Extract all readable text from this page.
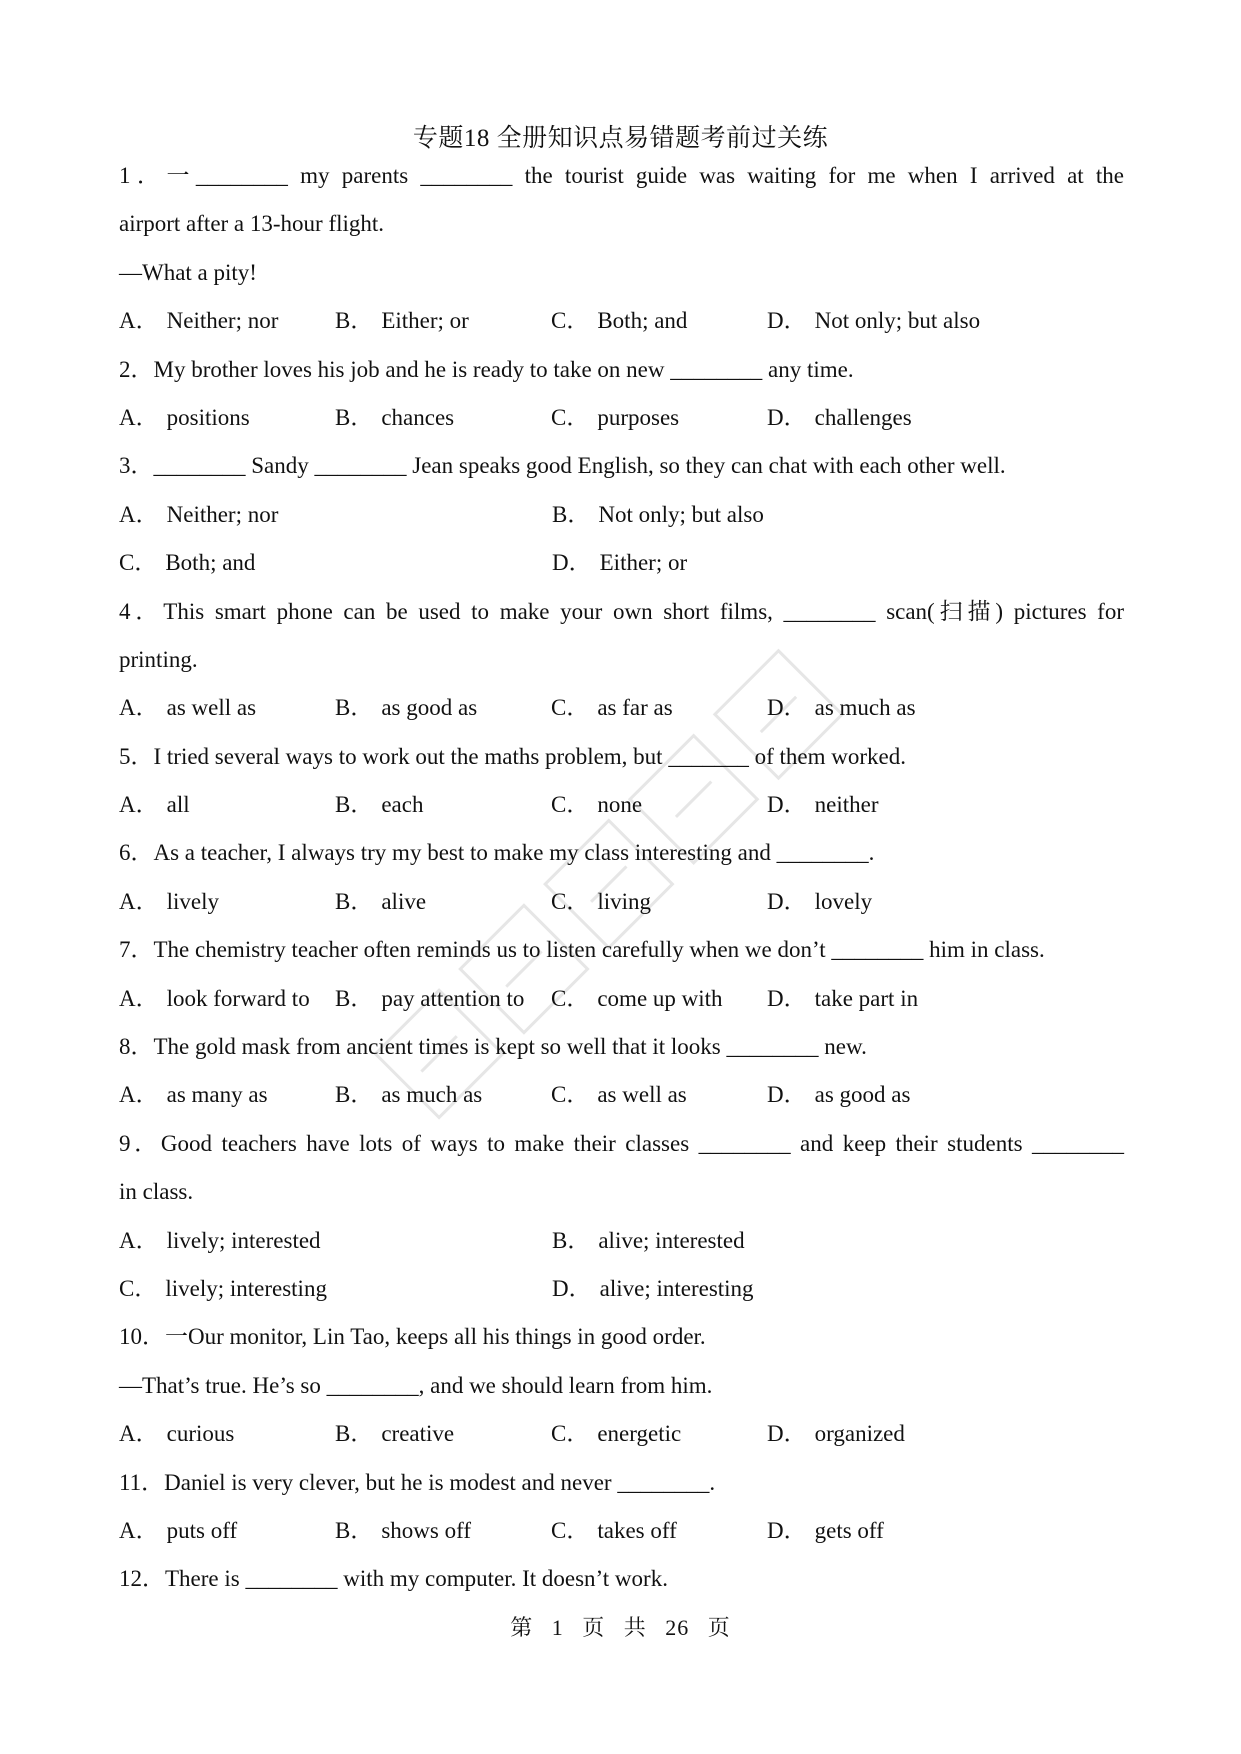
专题18 全册知识点易错题考前过关练
1．一________ my parents ________ the tourist guide was waiting for me when I arrived at the
airport after a 13-hour flight.
—What a pity!
A． Neither; nor B． Either; or	C． Both; and	D． Not only; but also
2．My brother loves his job and he is ready to take on new ________ any time.
A． positions	B． chances	C． purposes	D． challenges
3．________ Sandy ________ Jean speaks good English, so they can chat with each other well.
A． Neither; nor	B． Not only; but also
C． Both; and	D． Either; or
4．This smart phone can be used to make your own short films, ________ scan(扫描) pictures for
printing.
A． as well as	B． as good as	C． as far as	D． as much as
5．I tried several ways to work out the maths problem, but _______ of them worked.
A． all	B． each	C． none	D． neither
6．As a teacher, I always try my best to make my class interesting and ________.
A． lively	B． alive	C． living	D． lovely
7．The chemistry teacher often reminds us to listen carefully when we don’t ________ him in class.
A． look forward to B． pay attention to C． come up with D． take part in
8．The gold mask from ancient times is kept so well that it looks ________ new.
A． as many as	B． as much as	C． as well as	D． as good as
9．Good teachers have lots of ways to make their classes ________ and keep their students ________
in class.
A． lively; interested	B． alive; interested
C． lively; interesting	D． alive; interesting
10．一Our monitor, Lin Tao, keeps all his things in good order.
—That’s true. He’s so ________, and we should learn from him.
A． curious	B． creative	C． energetic	D． organized
11．Daniel is very clever, but he is modest and never ________.
A． puts off	B． shows off	C． takes off	D． gets off
12．There is ________ with my computer. It doesn’t work.
第 1 页 共 26 页
